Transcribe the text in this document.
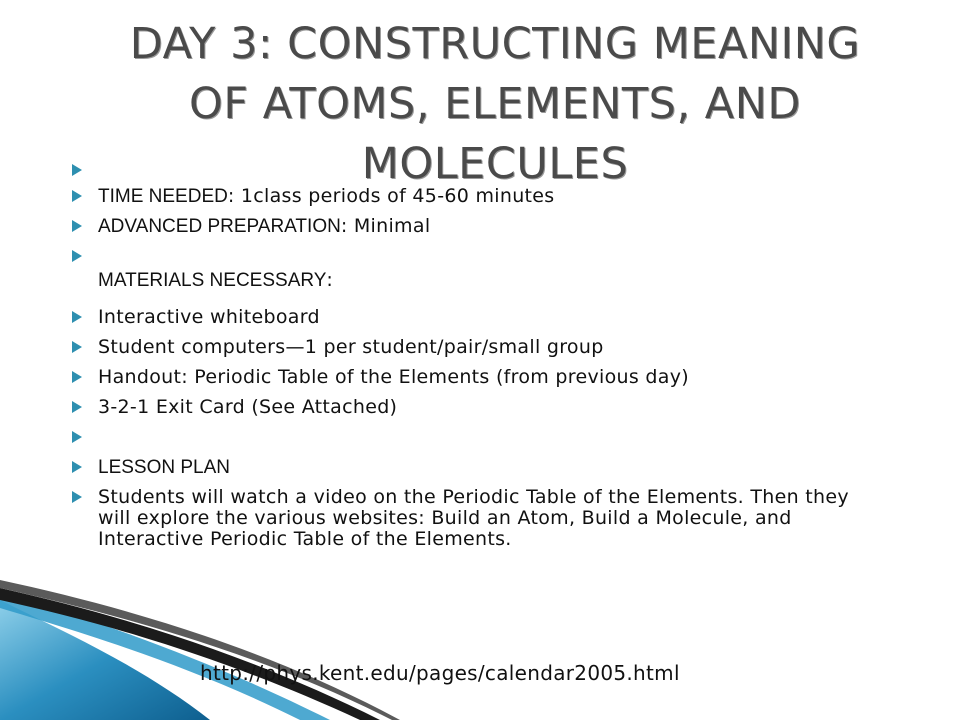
DAY 3: CONSTRUCTING MEANING
OF ATOMS, ELEMENTS, AND
MOLECULES
TIME NEEDED: 1class periods of 45-60 minutes
ADVANCED PREPARATION: Minimal
MATERIALS NECESSARY:
Interactive whiteboard
Student computers—1 per student/pair/small group
Handout: Periodic Table of the Elements (from previous day)
3-2-1 Exit Card (See Attached)
LESSON PLAN
Students will watch a video on the Periodic Table of the Elements. Then they will explore the various websites: Build an Atom, Build a Molecule, and Interactive Periodic Table of the Elements.
http://phys.kent.edu/pages/calendar2005.html
